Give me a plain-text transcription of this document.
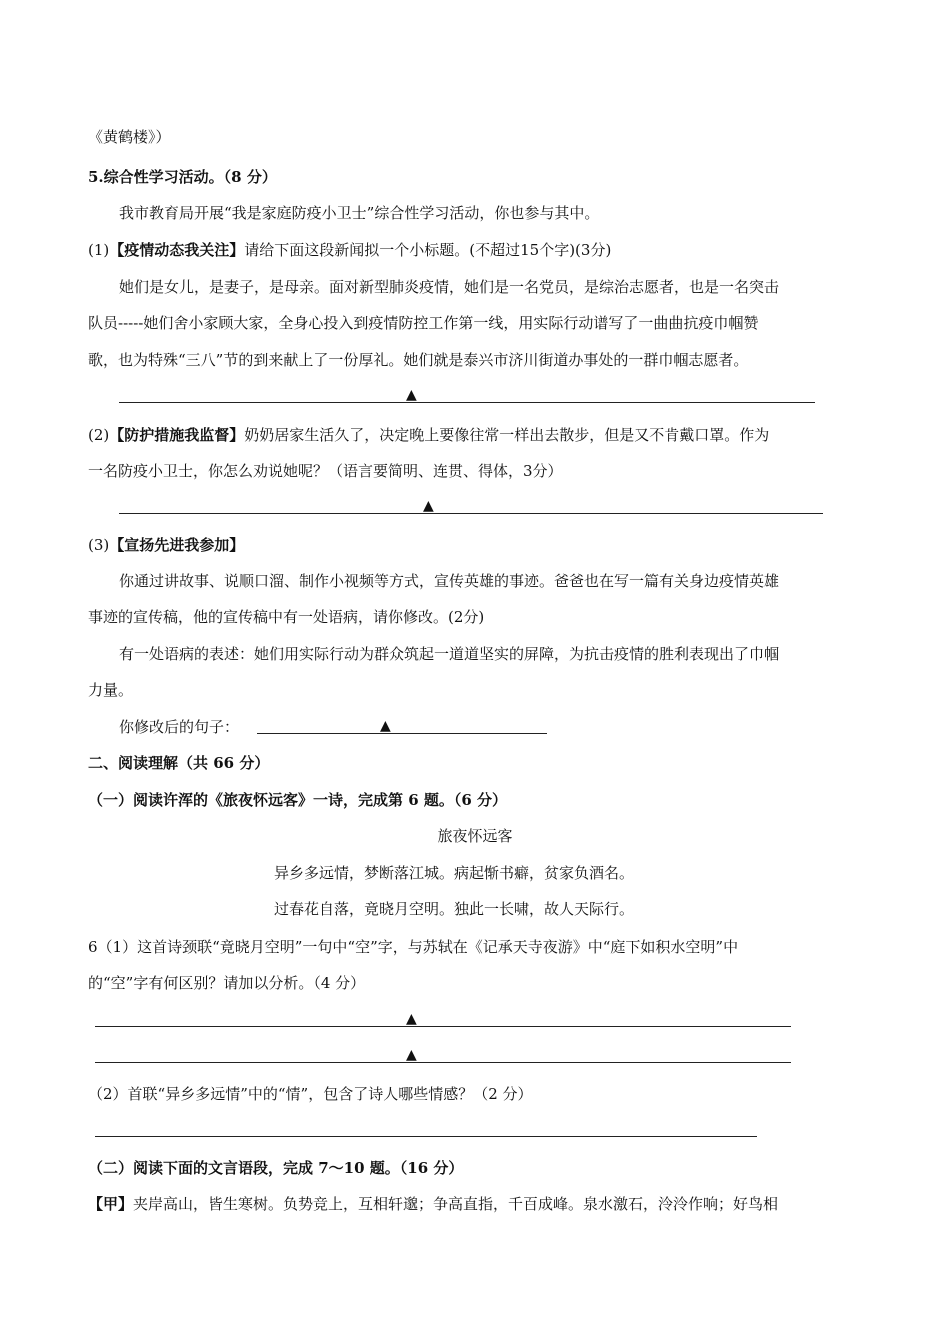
《黄鹤楼》）
5.综合性学习活动。（8 分）
我市教育局开展“我是家庭防疫小卫士”综合性学习活动，你也参与其中。
(1)【疫情动态我关注】请给下面这段新闻拟一个小标题。(不超过15个字)(3分)
她们是女儿，是妻子，是母亲。面对新型肺炎疫情，她们是一名党员，是综治志愿者，也是一名突击
队员-----她们舍小家顾大家，全身心投入到疫情防控工作第一线，用实际行动谱写了一曲曲抗疫巾帼赞
歌，也为特殊“三八”节的到来献上了一份厚礼。她们就是泰兴市济川街道办事处的一群巾帼志愿者。
▲
(2)【防护措施我监督】奶奶居家生活久了，决定晚上要像往常一样出去散步，但是又不肯戴口罩。作为
一名防疫小卫士，你怎么劝说她呢？（语言要简明、连贯、得体，3分）
▲
(3)【宣扬先进我参加】
你通过讲故事、说顺口溜、制作小视频等方式，宣传英雄的事迹。爸爸也在写一篇有关身边疫情英雄
事迹的宣传稿，他的宣传稿中有一处语病，请你修改。(2分)
有一处语病的表述：她们用实际行动为群众筑起一道道坚实的屏障，为抗击疫情的胜利表现出了巾帼
力量。
你修改后的句子：	▲
二、阅读理解（共 66 分）
（一）阅读许浑的《旅夜怀远客》一诗，完成第 6 题。（6 分）
旅夜怀远客
异乡多远情，梦断落江城。病起惭书癖，贫家负酒名。
过春花自落，竟晓月空明。独此一长啸，故人天际行。
6（1）这首诗颈联“竟晓月空明”一句中“空”字，与苏轼在《记承天寺夜游》中“庭下如积水空明”中
的“空”字有何区别？请加以分析。（4 分）
▲
▲
（2）首联“异乡多远情”中的“情”，包含了诗人哪些情感？（2 分）
（二）阅读下面的文言语段，完成 7～10 题。（16 分）
【甲】夹岸高山，皆生寒树。负势竞上，互相轩邈；争高直指，千百成峰。泉水激石，泠泠作响；好鸟相
